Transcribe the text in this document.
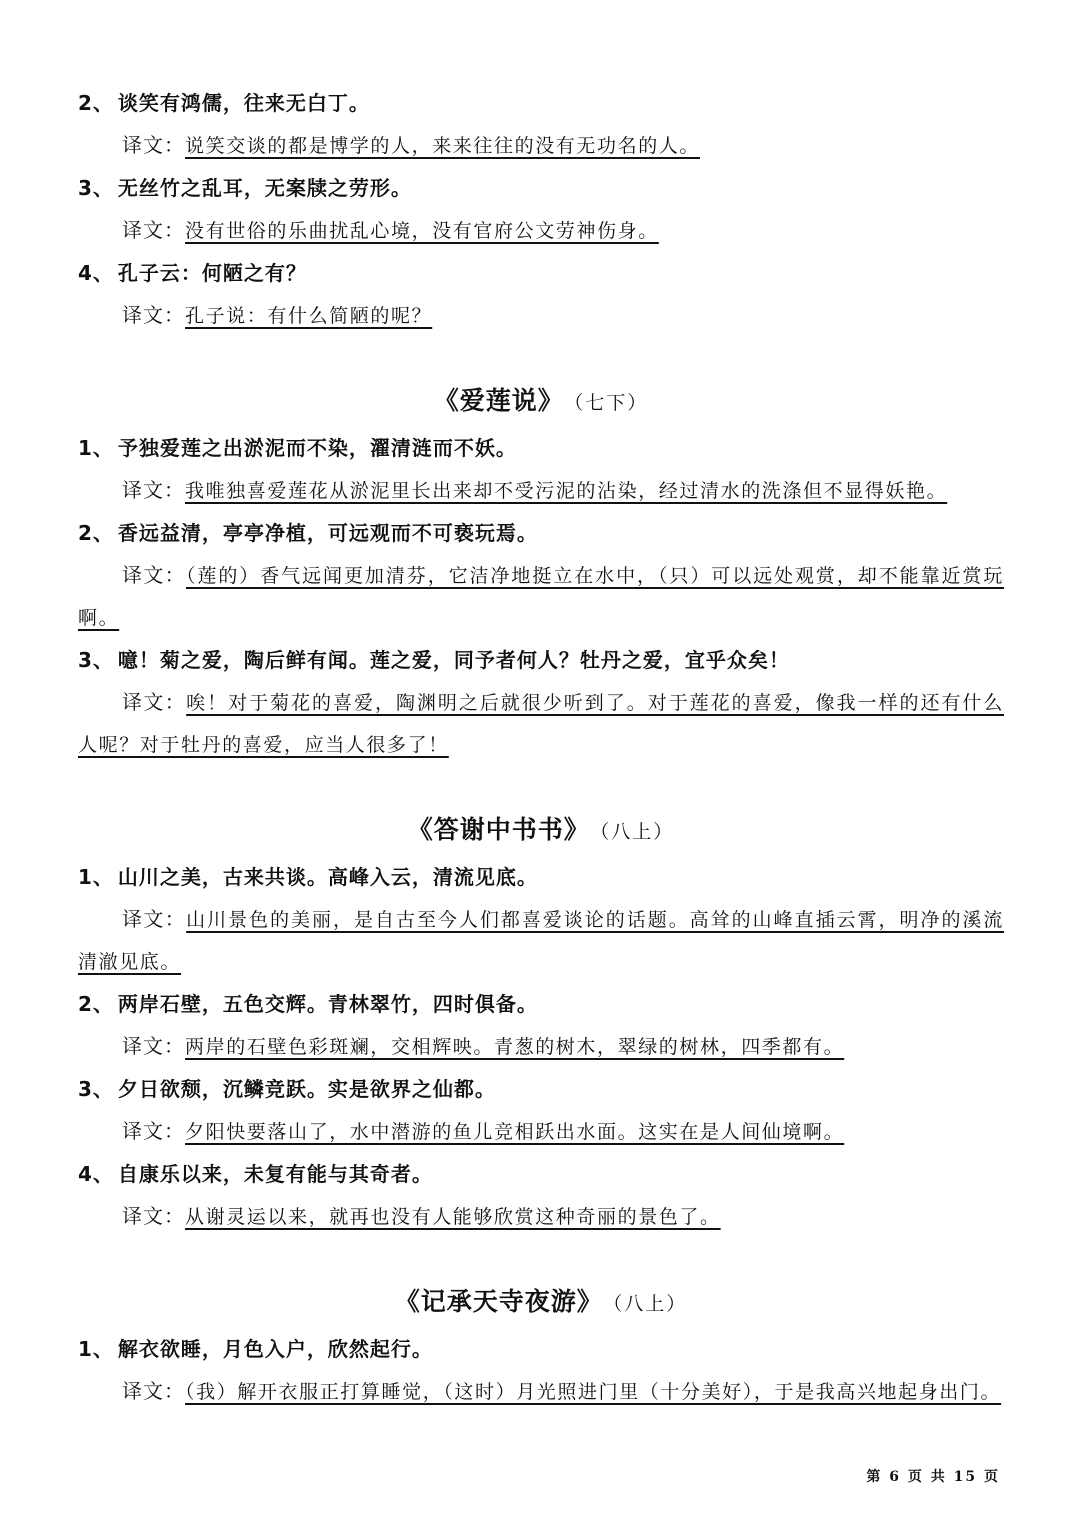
2、 谈笑有鸿儒，往来无白丁。
译文：说笑交谈的都是博学的人，来来往往的没有无功名的人。
3、 无丝竹之乱耳，无案牍之劳形。
译文：没有世俗的乐曲扰乱心境，没有官府公文劳神伤身。
4、 孔子云：何陋之有？
译文：孔子说：有什么简陋的呢？
《爱莲说》 （七下）
1、 予独爱莲之出淤泥而不染，濯清涟而不妖。
译文：我唯独喜爱莲花从淤泥里长出来却不受污泥的沾染，经过清水的洗涤但不显得妖艳。
2、 香远益清，亭亭净植，可远观而不可亵玩焉。
译文：（莲的）香气远闻更加清芬，它洁净地挺立在水中，（只）可以远处观赏，却不能靠近赏玩啊。
3、 噫！菊之爱，陶后鲜有闻。莲之爱，同予者何人？牡丹之爱，宜乎众矣！
译文：唉！对于菊花的喜爱，陶渊明之后就很少听到了。对于莲花的喜爱，像我一样的还有什么人呢？对于牡丹的喜爱，应当人很多了！
《答谢中书书》 （八上）
1、 山川之美，古来共谈。高峰入云，清流见底。
译文：山川景色的美丽，是自古至今人们都喜爱谈论的话题。高耸的山峰直插云霄，明净的溪流清澈见底。
2、 两岸石壁，五色交辉。青林翠竹，四时俱备。
译文：两岸的石壁色彩斑斓，交相辉映。青葱的树木，翠绿的树林，四季都有。
3、 夕日欲颓，沉鳞竞跃。实是欲界之仙都。
译文：夕阳快要落山了，水中潜游的鱼儿竞相跃出水面。这实在是人间仙境啊。
4、 自康乐以来，未复有能与其奇者。
译文：从谢灵运以来，就再也没有人能够欣赏这种奇丽的景色了。
《记承天寺夜游》 （八上）
1、 解衣欲睡，月色入户，欣然起行。
译文：（我）解开衣服正打算睡觉，（这时）月光照进门里（十分美好），于是我高兴地起身出门。
第 6 页 共 15 页
